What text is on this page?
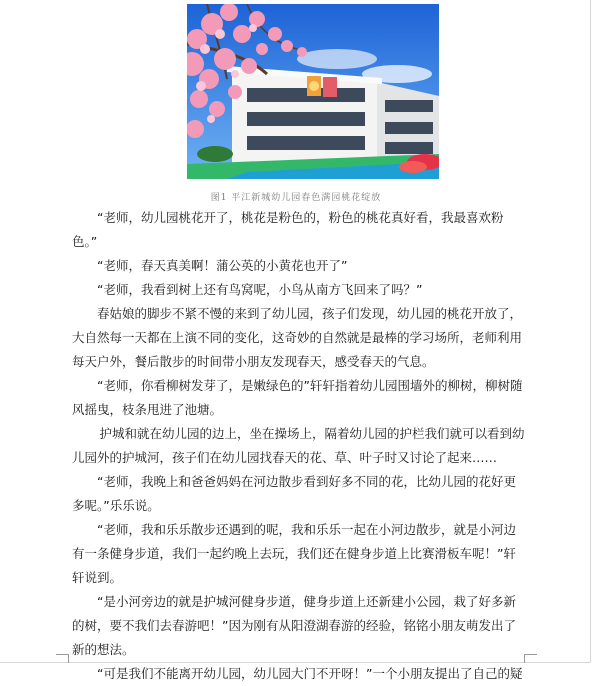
图1 平江新城幼儿园春色满园桃花绽放

“老师，幼儿园桃花开了，桃花是粉色的，粉色的桃花真好看，我最喜欢粉色。”

“老师，春天真美啊！蒲公英的小黄花也开了”

“老师，我看到树上还有鸟窝呢，小鸟从南方飞回来了吗？”

春姑娘的脚步不紧不慢的来到了幼儿园，孩子们发现，幼儿园的桃花开放了，大自然每一天都在上演不同的变化，这奇妙的自然就是最棒的学习场所，老师利用每天户外，餐后散步的时间带小朋友发现春天，感受春天的气息。

“老师，你看柳树发芽了，是嫩绿色的”轩轩指着幼儿园围墙外的柳树，柳树随风摇曳，枝条甩进了池塘。

护城和就在幼儿园的边上，坐在操场上，隔着幼儿园的护栏我们就可以看到幼儿园外的护城河，孩子们在幼儿园找春天的花、草、叶子时又讨论了起来……

“老师，我晚上和爸爸妈妈在河边散步看到好多不同的花，比幼儿园的花好更多呢。”乐乐说。

“老师，我和乐乐散步还遇到的呢，我和乐乐一起在小河边散步，就是小河边有一条健身步道，我们一起约晚上去玩，我们还在健身步道上比赛滑板车呢！”轩轩说到。

“是小河旁边的就是护城河健身步道，健身步道上还新建小公园，栽了好多新的树，要不我们去春游吧！”因为刚有从阳澄湖春游的经验，铭铭小朋友萌发出了新的想法。

“可是我们不能离开幼儿园，幼儿园大门不开呀！”一个小朋友提出了自己的疑
